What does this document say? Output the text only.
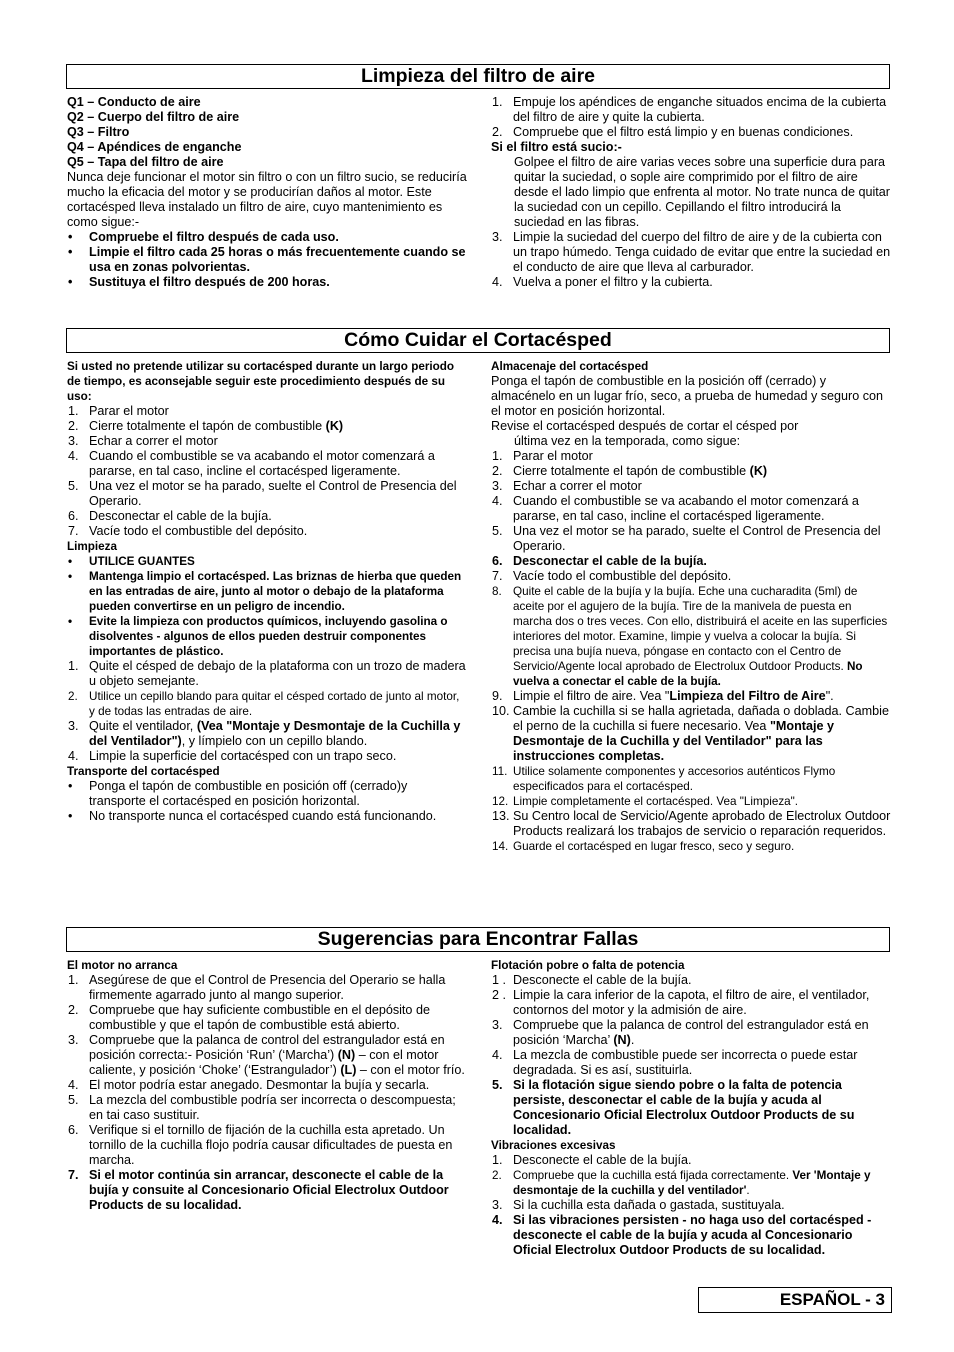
Limpieza del filtro de aire

Q1 – Conducto de aire

Q2 – Cuerpo del filtro de aire

Q3 – Filtro

Q4 – Apéndices de enganche

Q5 – Tapa del filtro de aire

Nunca deje funcionar el motor sin filtro o con un filtro sucio, se reduciría mucho la eficacia del motor y se producirían daños al motor. Este cortacésped lleva instalado un filtro de aire, cuyo mantenimiento es como sigue:-

• Compruebe el filtro después de cada uso.
• Limpie el filtro cada 25 horas o más frecuentemente cuando se usa en zonas polvorientas.
• Sustituya el filtro después de 200 horas.
1. Empuje los apéndices de enganche situados encima de la cubierta del filtro de aire y quite la cubierta.
2. Compruebe que el filtro está limpio y en buenas condiciones.

Si el filtro está sucio:-

Golpee el filtro de aire varias veces sobre una superficie dura para quitar la suciedad, o sople aire comprimido por el filtro de aire desde el lado limpio que enfrenta al motor. No trate nunca de quitar la suciedad con un cepillo. Cepillando el filtro introducirá la suciedad en las fibras.

3. Limpie la suciedad del cuerpo del filtro de aire y de la cubierta con un trapo húmedo. Tenga cuidado de evitar que entre la suciedad en el conducto de aire que lleva al carburador.
4. Vuelva a poner el filtro y la cubierta.
Cómo Cuidar el Cortacésped

Si usted no pretende utilizar su cortacésped durante un largo periodo de tiempo, es aconsejable seguir este procedimiento después de su uso:

1. Parar el motor
2. Cierre totalmente el tapón de combustible (K)
3. Echar a correr el motor
4. Cuando el combustible se va acabando el motor comenzará a pararse, en tal caso, incline el cortacésped ligeramente.
5. Una vez el motor se ha parado, suelte el Control de Presencia del Operario.
6. Desconectar el cable de la bujía.
7. Vacíe todo el combustible del depósito.

Limpieza

• UTILICE GUANTES
• Mantenga limpio el cortacésped. Las briznas de hierba que queden en las entradas de aire, junto al motor o debajo de la plataforma pueden convertirse en un peligro de incendio.
• Evite la limpieza con productos químicos, incluyendo gasolina o disolventes - algunos de ellos pueden destruir componentes importantes de plástico.
1. Quite el césped de debajo de la plataforma con un trozo de madera u objeto semejante.
2. Utilice un cepillo blando para quitar el césped cortado de junto al motor, y de todas las entradas de aire.
3. Quite el ventilador, (Vea "Montaje y Desmontaje de la Cuchilla y del Ventilador"), y límpielo con un cepillo blando.
4. Limpie la superficie del cortacésped con un trapo seco.

Transporte del cortacésped

• Ponga el tapón de combustible en posición off (cerrado)y transporte el cortacésped en posición horizontal.
• No transporte nunca el cortacésped cuando está funcionando.

Almacenaje del cortacésped

Ponga el tapón de combustible en la posición off (cerrado) y almacénelo en un lugar frío, seco, a prueba de humedad y seguro con el motor en posición horizontal.

Revise el cortacésped después de cortar el césped por

última vez en la temporada, como sigue:

1. Parar el motor
2. Cierre totalmente el tapón de combustible (K)
3. Echar a correr el motor
4. Cuando el combustible se va acabando el motor comenzará a pararse, en tal caso, incline el cortacésped ligeramente.
5. Una vez el motor se ha parado, suelte el Control de Presencia del Operario.
6. Desconectar el cable de la bujía.
7. Vacíe todo el combustible del depósito.
8. Quite el cable de la bujía y la bujía. Eche una cucharadita (5ml) de aceite por el agujero de la bujía. Tire de la manivela de puesta en marcha dos o tres veces. Con ello, distribuirá el aceite en las superficies interiores del motor. Examine, limpie y vuelva a colocar la bujía. Si precisa una bujía nueva, póngase en contacto con el Centro de Servicio/Agente local aprobado de Electrolux Outdoor Products. No vuelva a conectar el cable de la bujía.
9. Limpie el filtro de aire. Vea "Limpieza del Filtro de Aire".
10. Cambie la cuchilla si se halla agrietada, dañada o doblada. Cambie el perno de la cuchilla si fuere necesario. Vea "Montaje y Desmontaje de la Cuchilla y del Ventilador" para las instrucciones completas.
11. Utilice solamente componentes y accesorios auténticos Flymo especificados para el cortacésped.
12. Limpie completamente el cortacésped. Vea "Limpieza".
13. Su Centro local de Servicio/Agente aprobado de Electrolux Outdoor Products realizará los trabajos de servicio o reparación requeridos.
14. Guarde el cortacésped en lugar fresco, seco y seguro.
Sugerencias para Encontrar Fallas

El motor no arranca

1. Asegúrese de que el Control de Presencia del Operario se halla firmemente agarrado junto al mango superior.
2. Compruebe que hay suficiente combustible en el depósito de combustible y que el tapón de combustible está abierto.
3. Compruebe que la palanca de control del estrangulador está en posición correcta:- Posición ‘Run’ (‘Marcha’) (N) – con el motor caliente, y posición ‘Choke’ (‘Estrangulador’) (L) – con el motor frío.
4. El motor podría estar anegado. Desmontar la bujía y secarla.
5. La mezcla del combustible podría ser incorrecta o descompuesta; en tai caso sustituir.
6. Verifique si el tornillo de fijación de la cuchilla esta apretado. Un tornillo de la cuchilla flojo podría causar dificultades de puesta en marcha.
7. Si el motor continúa sin arrancar, desconecte el cable de la bujía y consuite al Concesionario Oficial Electrolux Outdoor Products de su localidad.

Flotación pobre o falta de potencia

1 . Desconecte el cable de la bujía.
2 . Limpie la cara inferior de la capota, el filtro de aire, el ventilador, contornos del motor y la admisión de aire.
3. Compruebe que la palanca de control del estrangulador está en posición ‘Marcha’ (N).
4. La mezcla de combustible puede ser incorrecta o puede estar degradada. Si es así, sustituirla.
5. Si la flotación sigue siendo pobre o la falta de potencia persiste, desconectar el cable de la bujía y acuda al Concesionario Oficial Electrolux Outdoor Products de su localidad.

Vibraciones excesivas

1. Desconecte el cable de la bujía.
2. Compruebe que la cuchilla está fijada correctamente. Ver 'Montaje y desmontaje de la cuchilla y del ventilador'.
3. Si la cuchilla esta dañada o gastada, sustituyala.
4. Si las vibraciones persisten - no haga uso del cortacésped - desconecte el cable de la bujía y acuda al Concesionario Oficial Electrolux Outdoor Products de su localidad.
ESPAÑOL - 3
